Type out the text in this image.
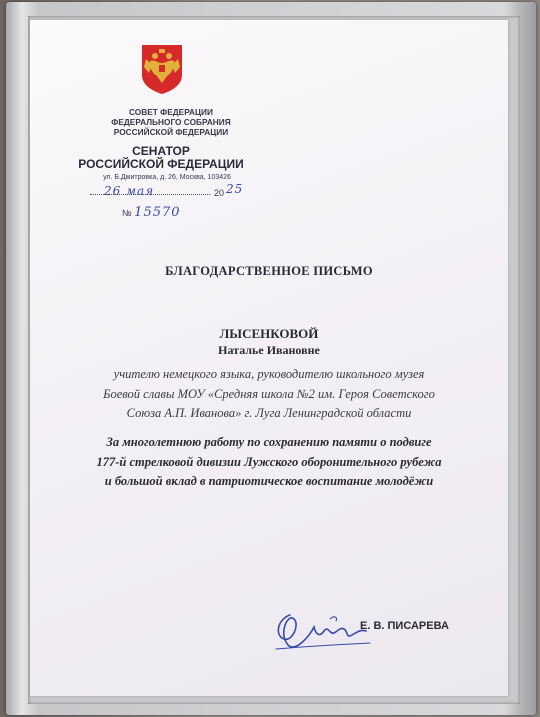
СОВЕТ ФЕДЕРАЦИИ
ФЕДЕРАЛЬНОГО СОБРАНИЯ
РОССИЙСКОЙ ФЕДЕРАЦИИ
СЕНАТОР
РОССИЙСКОЙ ФЕДЕРАЦИИ
ул. Б.Дмитровка, д. 26, Москва, 103426
26 мая	20 25
№ 15570
БЛАГОДАРСТВЕННОЕ ПИСЬМО
ЛЫСЕНКОВОЙ
Наталье Ивановне
учителю немецкого языка, руководителю школьного музея
Боевой славы МОУ «Средняя школа №2 им. Героя Советского
Союза А.П. Иванова» г. Луга Ленинградской области
За многолетнюю работу по сохранению памяти о подвиге
177-й стрелковой дивизии Лужского оборонительного рубежа
и большой вклад в патриотическое воспитание молодёжи
Е. В. ПИСАРЕВА
